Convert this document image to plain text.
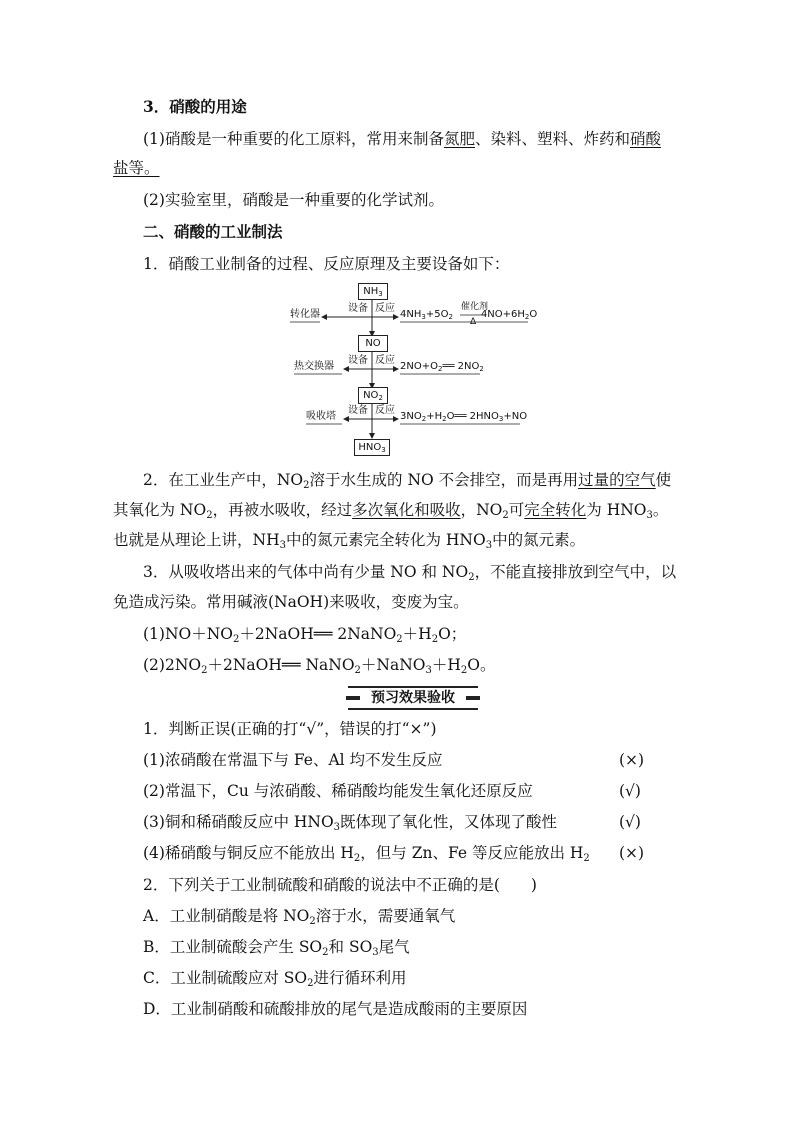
3．硝酸的用途
(1)硝酸是一种重要的化工原料，常用来制备氮肥、染料、塑料、炸药和硝酸
盐等。
(2)实验室里，硝酸是一种重要的化学试剂。
二、硝酸的工业制法
1．硝酸工业制备的过程、反应原理及主要设备如下：
$NH_3$
NO
$NO_2$
$HNO_3$
转化器
热交换器
吸收塔
设备 反应
设备 反应
设备 反应
$4NH_3+5O_2$	$4NO+6H_2O$
催化剂
Δ
$2NO+O_2══$ $2NO_2$
$3NO_2+H_2O══$ $2HNO_3+NO$
2．在工业生产中，$NO_2$溶于水生成的 NO 不会排空，而是再用过量的空气使
其氧化为 $NO_2$，再被水吸收，经过多次氧化和吸收，$NO_2$可完全转化为 $HNO_3$。
也就是从理论上讲，$NH_3$中的氮元素完全转化为 $HNO_3$中的氮元素。
3．从吸收塔出来的气体中尚有少量 NO 和 $NO_2$，不能直接排放到空气中，以
免造成污染。常用碱液(NaOH)来吸收，变废为宝。
$(1)NO+NO_2+2NaOH══$ $2NaNO_2+H_2O$；
$(2)2NO_2+2NaOH══$ $NaNO_2+NaNO_3+H_2O$。
预习效果验收
1．判断正误(正确的打“√”，错误的打“×”)
(1)浓硝酸在常温下与 Fe、Al 均不发生反应	(×)
(2)常温下，Cu 与浓硝酸、稀硝酸均能发生氧化还原反应	(√)
(3)铜和稀硝酸反应中 $HNO_3$既体现了氧化性，又体现了酸性	(√)
(4)稀硝酸与铜反应不能放出 $H_2$，但与 Zn、Fe 等反应能放出 $H_2$ (×)
2．下列关于工业制硫酸和硝酸的说法中不正确的是(　　)
A．工业制硝酸是将 $NO_2$溶于水，需要通氧气
B．工业制硫酸会产生 $SO_2$和 $SO_3$尾气
C．工业制硫酸应对 $SO_2$进行循环利用
D．工业制硝酸和硫酸排放的尾气是造成酸雨的主要原因
